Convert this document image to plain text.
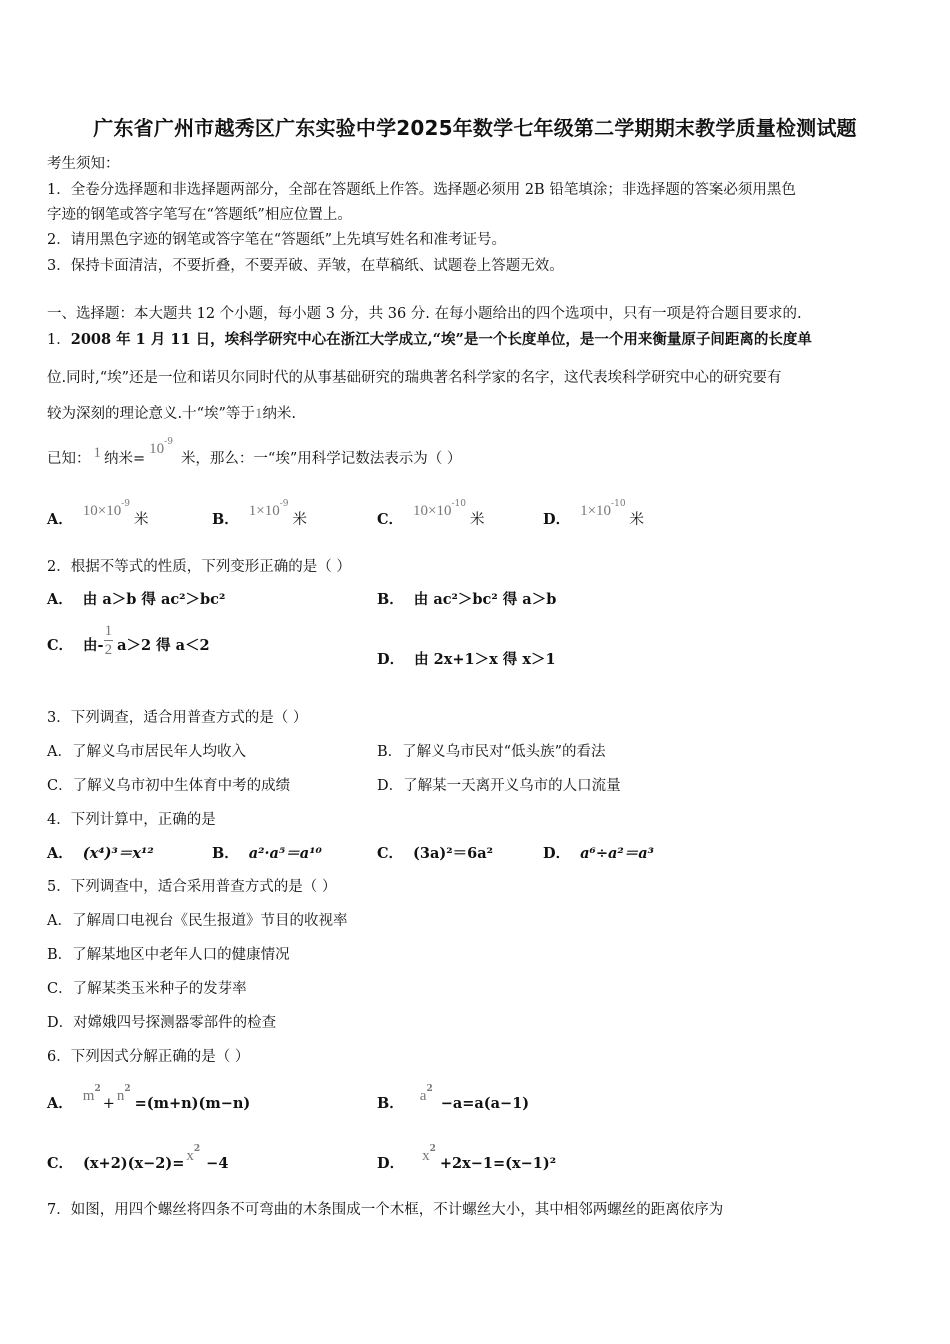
广东省广州市越秀区广东实验中学2025年数学七年级第二学期期末教学质量检测试题
考生须知：
1．全卷分选择题和非选择题两部分，全部在答题纸上作答。选择题必须用 2B 铅笔填涂；非选择题的答案必须用黑色
字迹的钢笔或答字笔写在“答题纸”相应位置上。
2．请用黑色字迹的钢笔或答字笔在“答题纸”上先填写姓名和准考证号。
3．保持卡面清洁，不要折叠，不要弄破、弄皱，在草稿纸、试题卷上答题无效。
一、选择题：本大题共 12 个小题，每小题 3 分，共 36 分. 在每小题给出的四个选项中，只有一项是符合题目要求的.
1．2008 年 1 月 11 日，埃科学研究中心在浙江大学成立,“埃”是一个长度单位，是一个用来衡量原子间距离的长度单
位.同时,“埃”还是一位和诺贝尔同时代的从事基础研究的瑞典著名科学家的名字，这代表埃科学研究中心的研究要有
较为深刻的理论意义.十“埃”等于1纳米.
已知： 1 纳米$=10^{-9}$米，那么：一“埃”用科学记数法表示为（ ）
A． $10\times 10^{-9}$米	B． $1\times 10^{-9}$米	C． $10\times 10^{-10}$米	D． $1\times 10^{-10}$米
2．根据不等式的性质，下列变形正确的是（ ）
A． 由 a＞b 得 ac²＞bc²	B． 由 ac²＞bc² 得 a＞b
C． 由- $\frac{1}{2} a>2$ 得 a＜2
D． 由 2x+1＞x 得 x＞1
3．下列调查，适合用普查方式的是（ ）
A．了解义乌市居民年人均收入	B．了解义乌市民对“低头族”的看法
C．了解义乌市初中生体育中考的成绩	D．了解某一天离开义乌市的人口流量
4．下列计算中，正确的是
A． (x⁴)³＝x¹²	B． a²·a⁵＝a¹⁰	C． (3a)²＝6a²	D． a⁶÷a²＝a³
5．下列调查中，适合采用普查方式的是（ ）
A．了解周口电视台《民生报道》节目的收视率
B．了解某地区中老年人口的健康情况
C．了解某类玉米种子的发芽率
D．对嫦娥四号探测器零部件的检查
6．下列因式分解正确的是（ ）
A． $m^2+ n^2=(m+n)(m-n)$	B． $a^2-a=a(a-1)$
C． $(x+2)(x-2)= x^2-4$	D． $x^2+2x-1=(x-1)^2$
7．如图，用四个螺丝将四条不可弯曲的木条围成一个木框，不计螺丝大小，其中相邻两螺丝的距离依序为
